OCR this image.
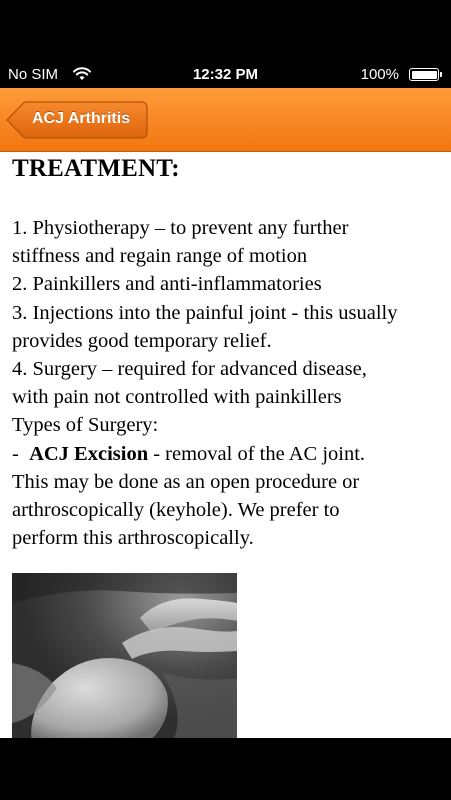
No SIM	12:32 PM	100%
ACJ Arthritis
TREATMENT:
1. Physiotherapy – to prevent any further
stiffness and regain range of motion
2. Painkillers and anti-inflammatories
3. Injections into the painful joint - this usually
provides good temporary relief.
4. Surgery – required for advanced disease,
with pain not controlled with painkillers
Types of Surgery:
-  ACJ Excision - removal of the AC joint.
This may be done as an open procedure or
arthroscopically (keyhole). We prefer to
perform this arthroscopically.
